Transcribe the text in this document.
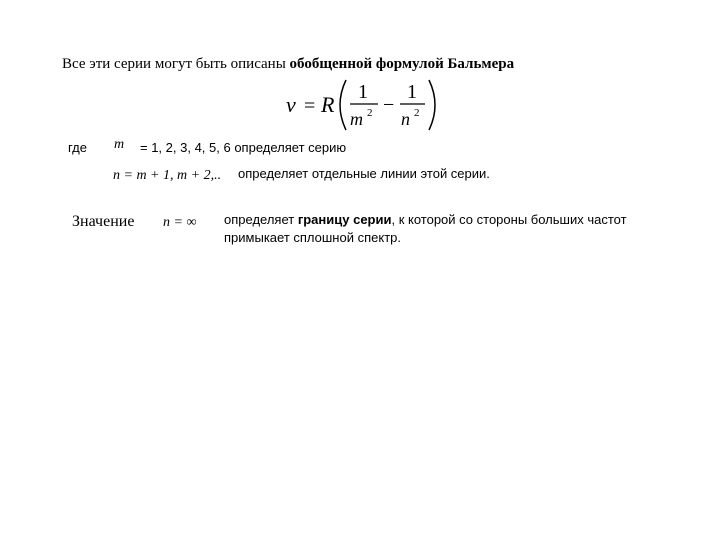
Все эти серии могут быть описаны обобщенной формулой Бальмера
ν = R 1
m 2 −
1
n 2
где m = 1, 2, 3, 4, 5, 6 определяет серию
n = m + 1, m + 2,.. определяет отдельные линии этой серии.
Значение n = ∞ определяет границу серии, к которой со стороны больших частот примыкает сплошной спектр.
